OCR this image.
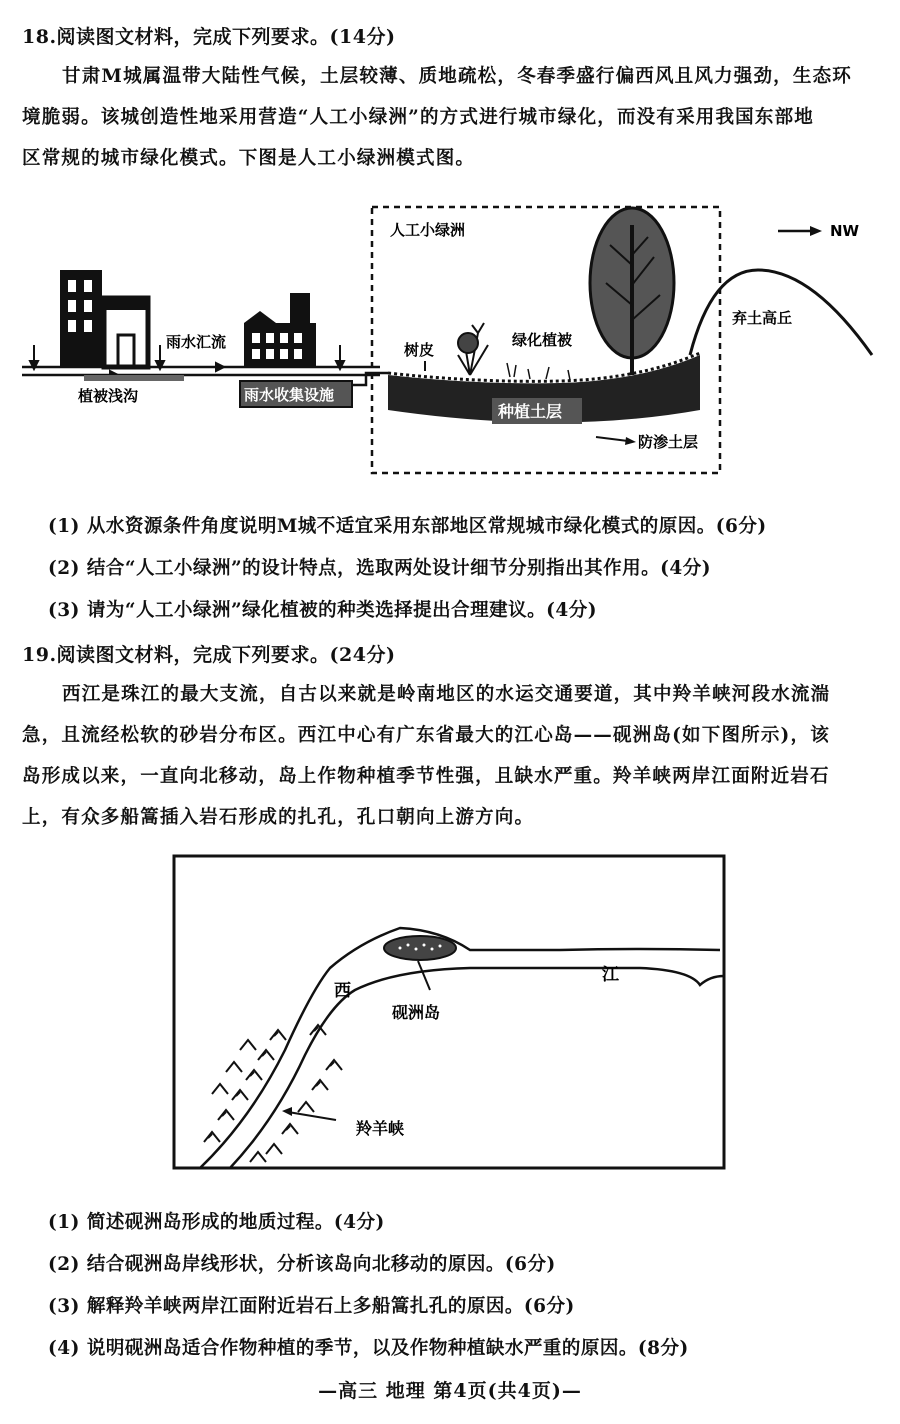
18.阅读图文材料，完成下列要求。(14分)
甘肃M城属温带大陆性气候，土层较薄、质地疏松，冬春季盛行偏西风且风力强劲，生态环
境脆弱。该城创造性地采用营造“人工小绿洲”的方式进行城市绿化，而没有采用我国东部地
区常规的城市绿化模式。下图是人工小绿洲模式图。
植被浅沟
雨水汇流
雨水收集设施
人工小绿洲
种植土层
防渗土层
树皮
绿化植被
弃土高丘
NW
(1) 从水资源条件角度说明M城不适宜采用东部地区常规城市绿化模式的原因。(6分)
(2) 结合“人工小绿洲”的设计特点，选取两处设计细节分别指出其作用。(4分)
(3) 请为“人工小绿洲”绿化植被的种类选择提出合理建议。(4分)
19.阅读图文材料，完成下列要求。(24分)
西江是珠江的最大支流，自古以来就是岭南地区的水运交通要道，其中羚羊峡河段水流湍
急，且流经松软的砂岩分布区。西江中心有广东省最大的江心岛——砚洲岛(如下图所示)，该
岛形成以来，一直向北移动，岛上作物种植季节性强，且缺水严重。羚羊峡两岸江面附近岩石
上，有众多船篙插入岩石形成的扎孔，孔口朝向上游方向。
砚洲岛
西
江
羚羊峡
(1) 简述砚洲岛形成的地质过程。(4分)
(2) 结合砚洲岛岸线形状，分析该岛向北移动的原因。(6分)
(3) 解释羚羊峡两岸江面附近岩石上多船篙扎孔的原因。(6分)
(4) 说明砚洲岛适合作物种植的季节，以及作物种植缺水严重的原因。(8分)
—高三 地理 第4页(共4页)—
